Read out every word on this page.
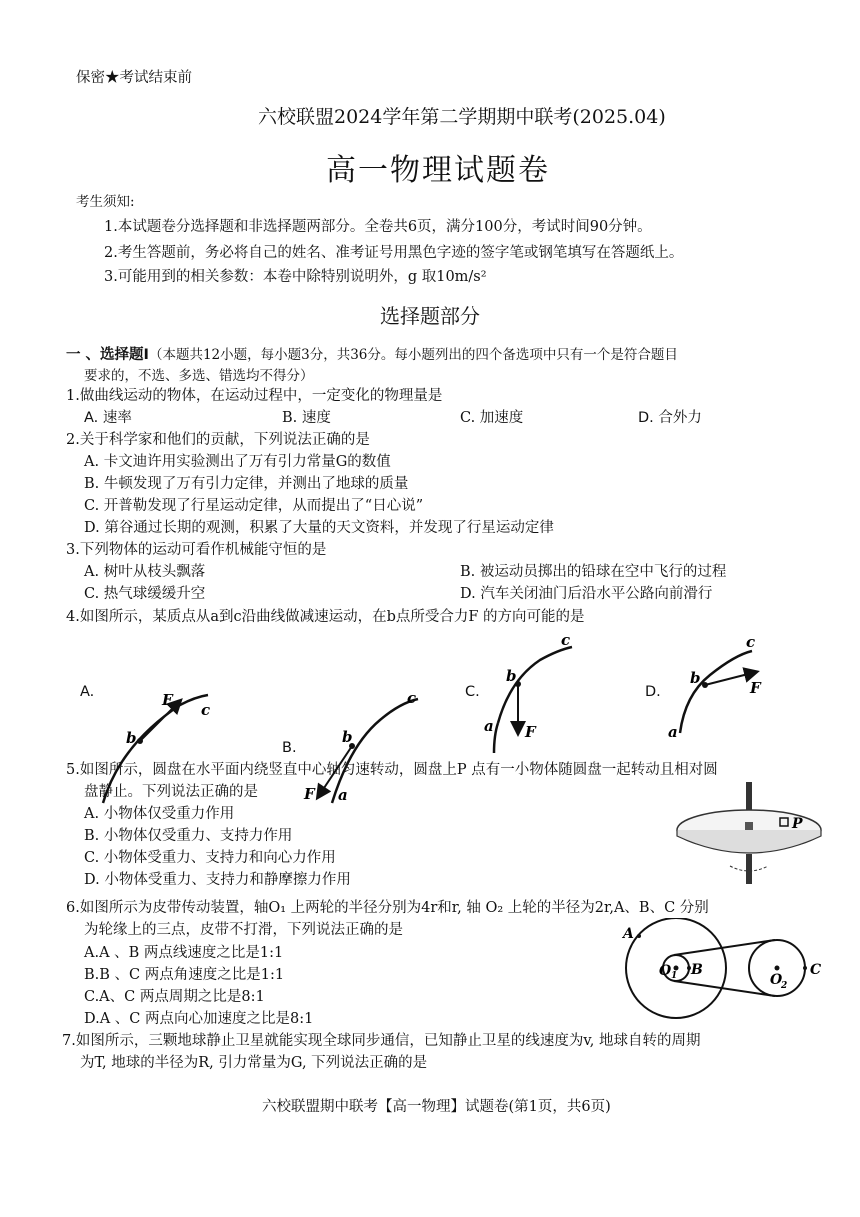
保密★考试结束前
六校联盟2024学年第二学期期中联考(2025.04)
高一物理试题卷
考生须知:
1.本试题卷分选择题和非选择题两部分。全卷共6页，满分100分，考试时间90分钟。
2.考生答题前，务必将自己的姓名、准考证号用黑色字迹的签字笔或钢笔填写在答题纸上。
3.可能用到的相关参数：本卷中除特别说明外，g 取10m/s²
选择题部分
一 、选择题Ⅰ（本题共12小题，每小题3分，共36分。每小题列出的四个备选项中只有一个是符合题目
要求的，不选、多选、错选均不得分）
1.做曲线运动的物体，在运动过程中，一定变化的物理量是
A. 速率	B. 速度	C. 加速度	D. 合外力
2.关于科学家和他们的贡献，下列说法正确的是
A. 卡文迪许用实验测出了万有引力常量G的数值
B. 牛顿发现了万有引力定律，并测出了地球的质量
C. 开普勒发现了行星运动定律，从而提出了“日心说”
D. 第谷通过长期的观测，积累了大量的天文资料，并发现了行星运动定律
3.下列物体的运动可看作机械能守恒的是
A. 树叶从枝头飘落	B. 被运动员掷出的铅球在空中飞行的过程
C. 热气球缓缓升空	D. 汽车关闭油门后沿水平公路向前滑行
4.如图所示，某质点从a到c沿曲线做减速运动，在b点所受合力F 的方向可能的是
A.
B.
C.	D.
F
c
b
F a
b
c
a
b
c
F	a
b
c
F
5.如图所示，圆盘在水平面内绕竖直中心轴匀速转动，圆盘上P 点有一小物体随圆盘一起转动且相对圆
盘静止。下列说法正确的是
A. 小物体仅受重力作用
B. 小物体仅受重力、支持力作用
C. 小物体受重力、支持力和向心力作用
D. 小物体受重力、支持力和静摩擦力作用
P
6.如图所示为皮带传动装置，轴O₁ 上两轮的半径分别为4r和r, 轴 O₂ 上轮的半径为2r,A、B、C 分别
为轮缘上的三点，皮带不打滑，下列说法正确的是
A.A 、B 两点线速度之比是1:1
B.B 、C 两点角速度之比是1:1
C.A、C 两点周期之比是8:1
D.A 、C 两点向心加速度之比是8:1
A
B	C
O 1	O
2
7.如图所示，三颗地球静止卫星就能实现全球同步通信，已知静止卫星的线速度为v, 地球自转的周期
为T, 地球的半径为R, 引力常量为G, 下列说法正确的是
六校联盟期中联考【高一物理】试题卷(第1页，共6页)
